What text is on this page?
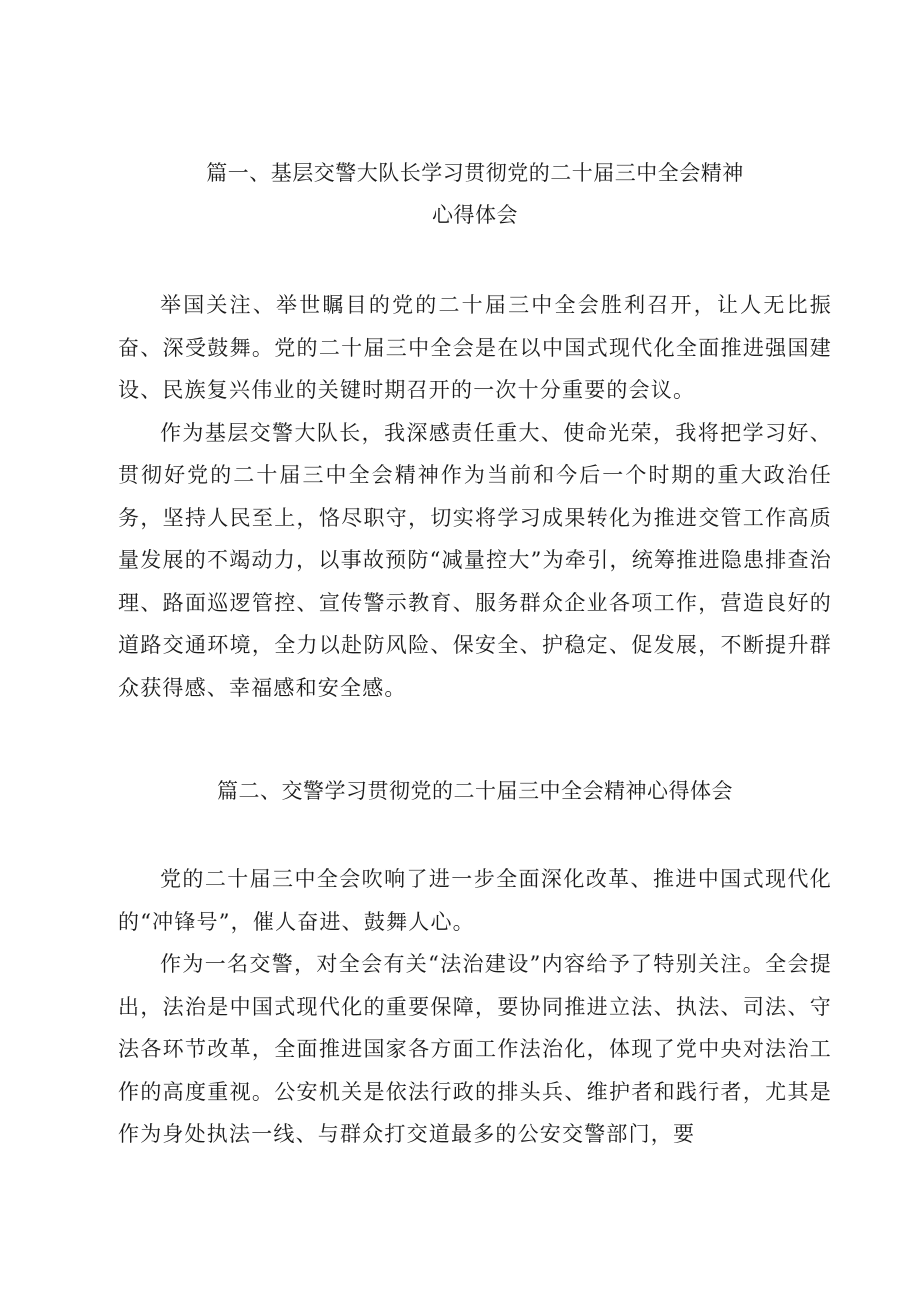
篇一、基层交警大队长学习贯彻党的二十届三中全会精神
心得体会

举国关注、举世瞩目的党的二十届三中全会胜利召开，让人无比振奋、深受鼓舞。党的二十届三中全会是在以中国式现代化全面推进强国建设、民族复兴伟业的关键时期召开的一次十分重要的会议。

作为基层交警大队长，我深感责任重大、使命光荣，我将把学习好、贯彻好党的二十届三中全会精神作为当前和今后一个时期的重大政治任务，坚持人民至上，恪尽职守，切实将学习成果转化为推进交管工作高质量发展的不竭动力，以事故预防“减量控大”为牵引，统筹推进隐患排查治理、路面巡逻管控、宣传警示教育、服务群众企业各项工作，营造良好的道路交通环境，全力以赴防风险、保安全、护稳定、促发展，不断提升群众获得感、幸福感和安全感。

篇二、交警学习贯彻党的二十届三中全会精神心得体会

党的二十届三中全会吹响了进一步全面深化改革、推进中国式现代化的“冲锋号”，催人奋进、鼓舞人心。

作为一名交警，对全会有关“法治建设”内容给予了特别关注。全会提出，法治是中国式现代化的重要保障，要协同推进立法、执法、司法、守法各环节改革，全面推进国家各方面工作法治化，体现了党中央对法治工作的高度重视。公安机关是依法行政的排头兵、维护者和践行者，尤其是作为身处执法一线、与群众打交道最多的公安交警部门，要
